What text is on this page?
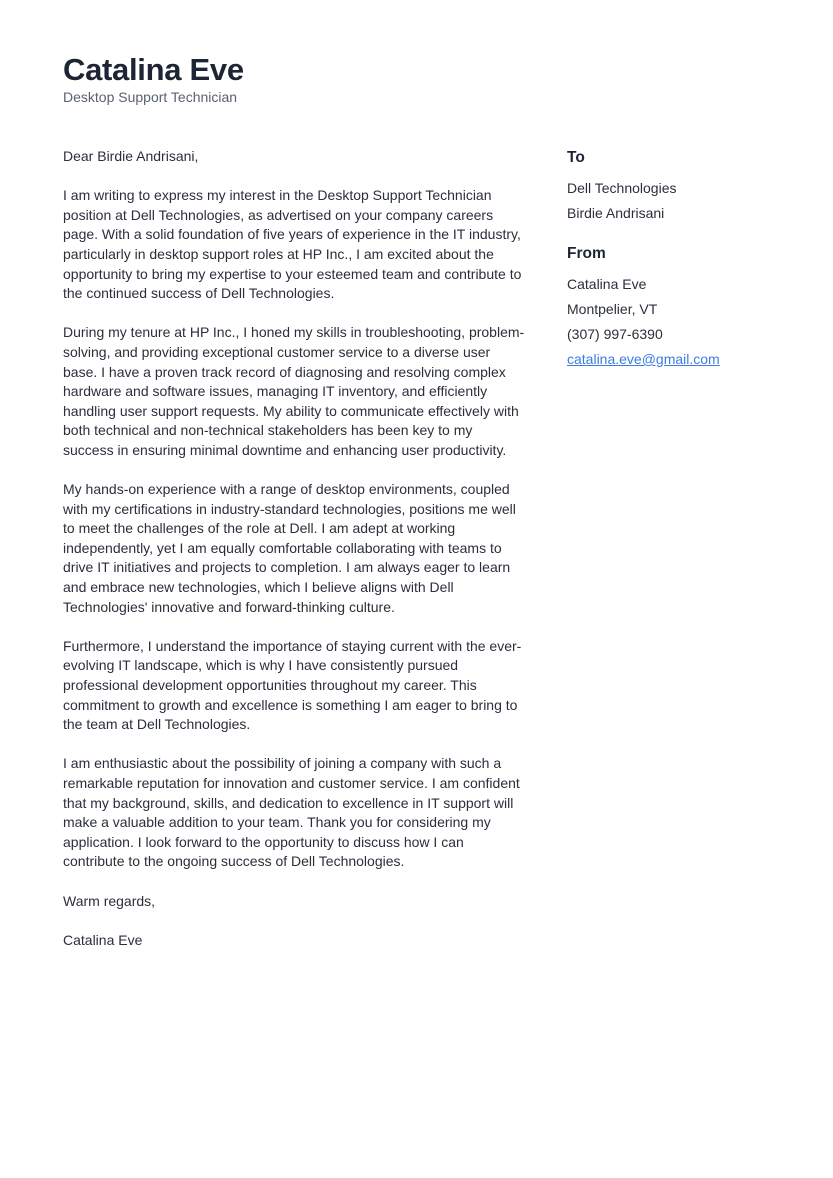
Catalina Eve
Desktop Support Technician

Dear Birdie Andrisani,

I am writing to express my interest in the Desktop Support Technician position at Dell Technologies, as advertised on your company careers page. With a solid foundation of five years of experience in the IT industry, particularly in desktop support roles at HP Inc., I am excited about the opportunity to bring my expertise to your esteemed team and contribute to the continued success of Dell Technologies.

During my tenure at HP Inc., I honed my skills in troubleshooting, problem-solving, and providing exceptional customer service to a diverse user base. I have a proven track record of diagnosing and resolving complex hardware and software issues, managing IT inventory, and efficiently handling user support requests. My ability to communicate effectively with both technical and non-technical stakeholders has been key to my success in ensuring minimal downtime and enhancing user productivity.

My hands-on experience with a range of desktop environments, coupled with my certifications in industry-standard technologies, positions me well to meet the challenges of the role at Dell. I am adept at working independently, yet I am equally comfortable collaborating with teams to drive IT initiatives and projects to completion. I am always eager to learn and embrace new technologies, which I believe aligns with Dell Technologies' innovative and forward-thinking culture.

Furthermore, I understand the importance of staying current with the ever-evolving IT landscape, which is why I have consistently pursued professional development opportunities throughout my career. This commitment to growth and excellence is something I am eager to bring to the team at Dell Technologies.

I am enthusiastic about the possibility of joining a company with such a remarkable reputation for innovation and customer service. I am confident that my background, skills, and dedication to excellence in IT support will make a valuable addition to your team. Thank you for considering my application. I look forward to the opportunity to discuss how I can contribute to the ongoing success of Dell Technologies.

Warm regards,

Catalina Eve

To
Dell Technologies
Birdie Andrisani
From
Catalina Eve
Montpelier, VT
(307) 997-6390
catalina.eve@gmail.com
